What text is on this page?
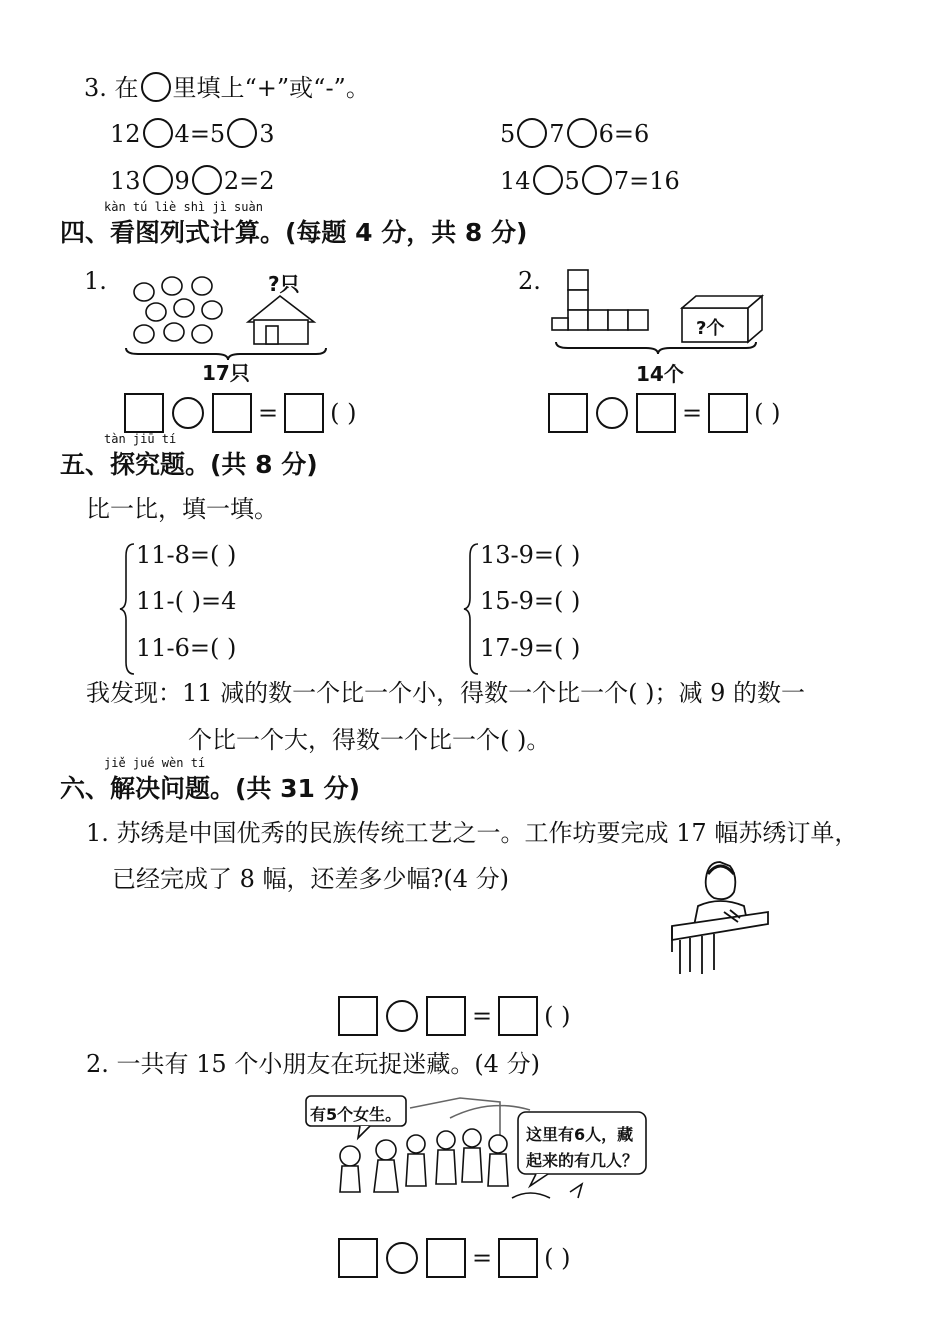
3. 在 里填上“+”或“-”。
12 4=5 3	5 7 6=6
13 9 2=2	14 5 7=16
kàn tú liè shì jì suàn
四、看图列式计算。(每题 4 分，共 8 分)
1.	?只
17只
2.
?个
14个
= ( )	= ( )
tàn jiū tí
五、探究题。(共 8 分)
比一比，填一填。
11-8=( )
11-( )=4
11-6=( )
13-9=( )
15-9=( )
17-9=( )
我发现：11 减的数一个比一个小，得数一个比一个( )；减 9 的数一
个比一个大，得数一个比一个( )。
jiě jué wèn tí
六、解决问题。(共 31 分)
1. 苏绣是中国优秀的民族传统工艺之一。工作坊要完成 17 幅苏绣订单，
已经完成了 8 幅，还差多少幅?(4 分)
= ( )
2. 一共有 15 个小朋友在玩捉迷藏。(4 分)
有5个女生。
这里有6人，藏
起来的有几人？
= ( )
